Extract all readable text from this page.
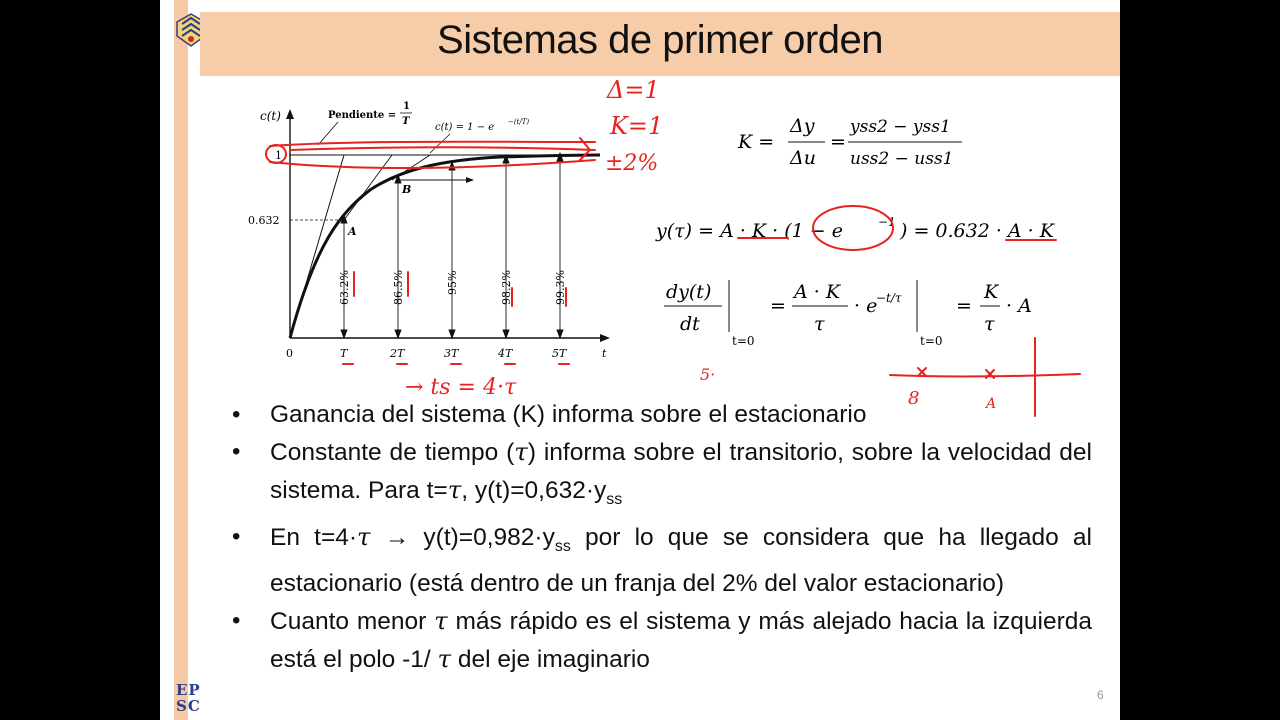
Sistemas de primer orden
c(t)	Pendiente =
1
T
c(t) = 1 − e −(t/T)
1
0.632
0	T	2T	3T	4T	5T	t
A
B
63.2%	86.5%	95%	98.2%	99.3%
K =
Δy
Δu
=
yss2 − yss1
uss2 − uss1
y(τ) = A · K · (1 − e	−1 ) = 0.632 · A · K
dy(t)
dt
t=0
=
A · K
τ
· e
−t/τ
t=0
=
K
τ
· A
Δ=1
K=1
±2%
→ ts = 4·τ
5·
8	A
• Ganancia del sistema (K) informa sobre el estacionario
• Constante de tiempo (τ) informa sobre el transitorio, sobre la velocidad del sistema. Para t=τ, $y(t)=0,632\cdot y_{ss}$
• En $t=4\cdot\tau \to y(t)=0,982\cdot y_{ss}$ por lo que se considera que ha llegado al estacionario (está dentro de un franja del 2% del valor estacionario)
• Cuanto menor τ más rápido es el sistema y más alejado hacia la izquierda está el polo -1/ τ del eje imaginario
EP
SC
6
